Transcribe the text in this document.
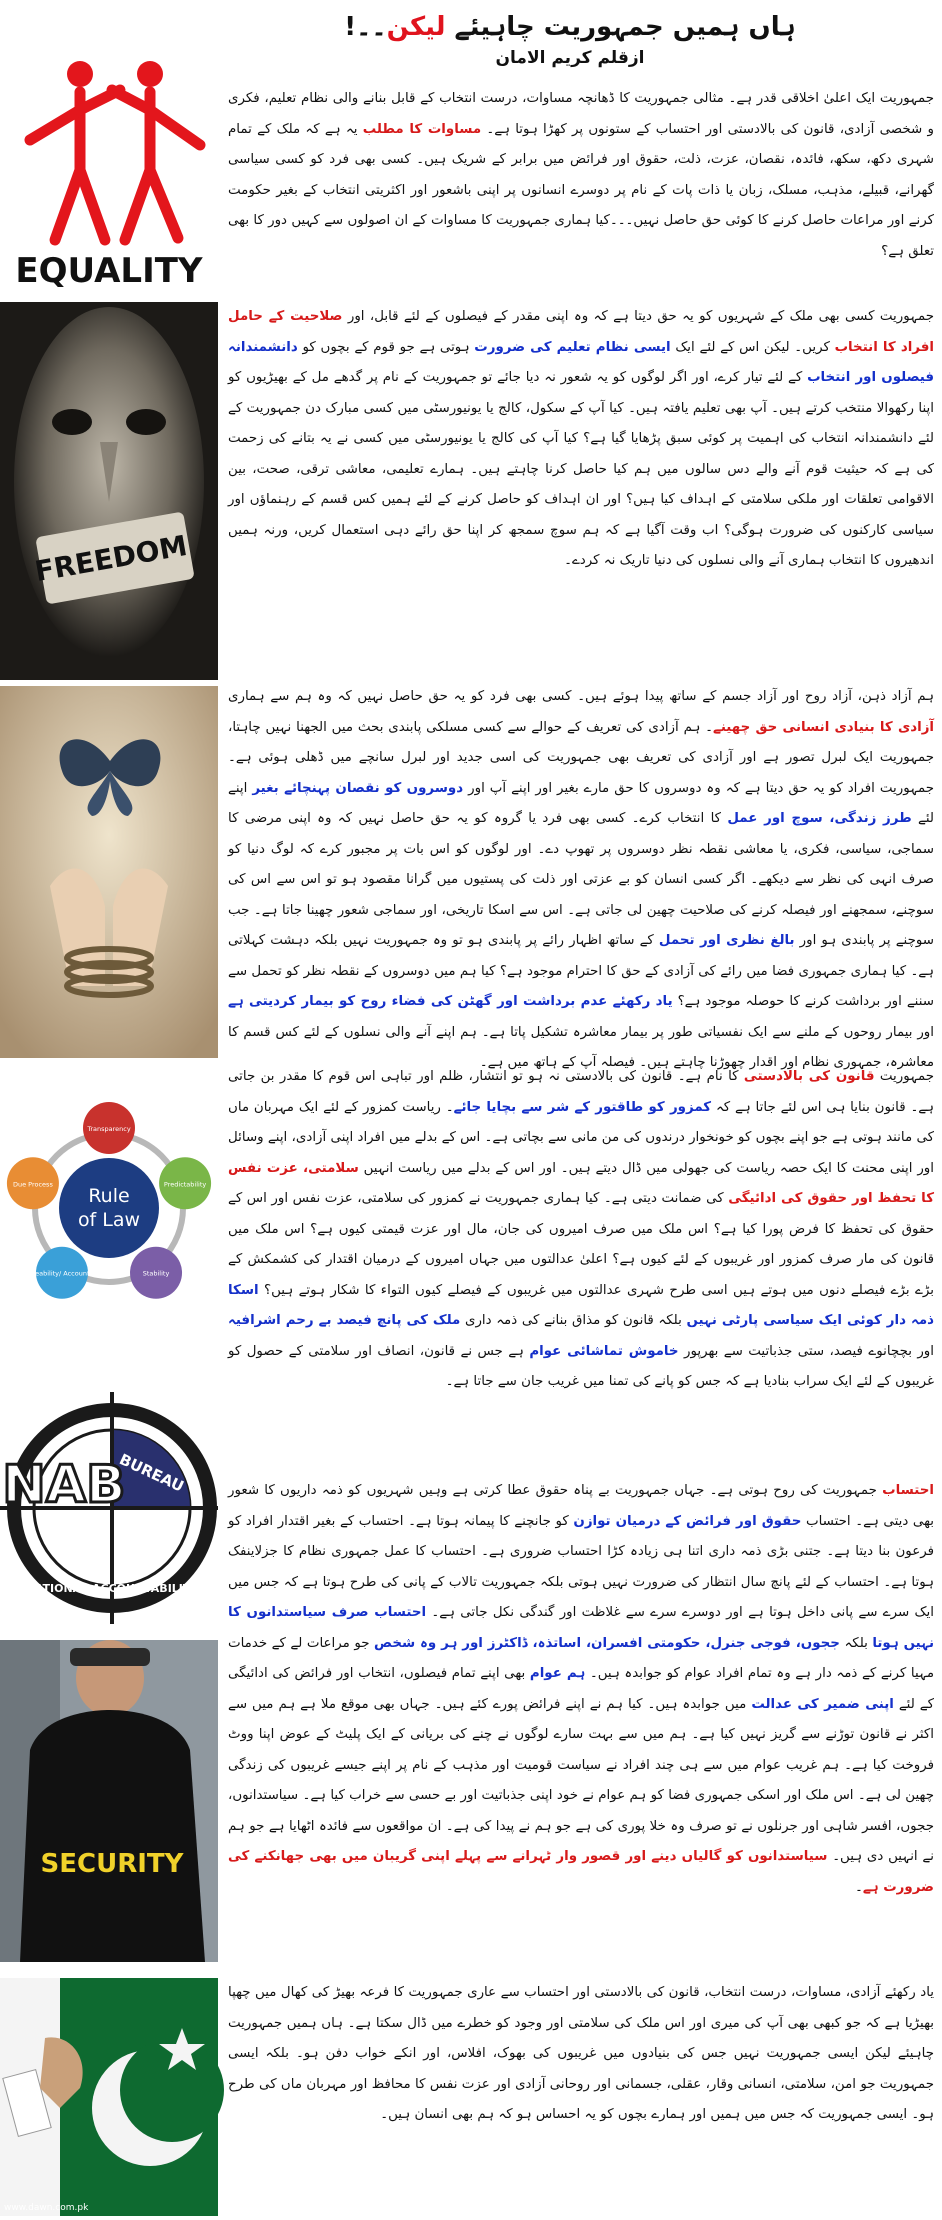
ہاں ہمیں جمہوریت چاہیئے لیکن۔۔!
ازقلم کریم الامان
EQUALITY
FREEDOM
Rule
of Law
Transparency
Predictability
Stability
Enforceability/ Accountability
Due Process
NAB
BUREAU
NATIONAL ACCOUNTABILITY
SECURITY
www.dawn.com.pk

جمہوریت ایک اعلیٰ اخلاقی قدر ہے۔ مثالی جمہوریت کا ڈھانچہ مساوات، درست انتخاب کے قابل بنانے والی نظام تعلیم، فکری و شخصی آزادی، قانون کی بالادستی اور احتساب کے ستونوں پر کھڑا ہوتا ہے۔ مساوات کا مطلب یہ ہے کہ ملک کے تمام شہری دکھ، سکھ، فائدہ، نقصان، عزت، ذلت، حقوق اور فرائض میں برابر کے شریک ہیں۔ کسی بھی فرد کو کسی سیاسی گھرانے، قبیلے، مذہب، مسلک، زبان یا ذات پات کے نام پر دوسرے انسانوں پر اپنی باشعور اور اکثریتی انتخاب کے بغیر حکومت کرنے اور مراعات حاصل کرنے کا کوئی حق حاصل نہیں۔۔۔کیا ہماری جمہوریت کا مساوات کے ان اصولوں سے کہیں دور کا بھی تعلق ہے؟

جمہوریت کسی بھی ملک کے شہریوں کو یہ حق دیتا ہے کہ وہ اپنی مقدر کے فیصلوں کے لئے قابل، اور صلاحیت کے حامل افراد کا انتخاب کریں۔ لیکن اس کے لئے ایک ایسی نظام تعلیم کی ضرورت ہوتی ہے جو قوم کے بچوں کو دانشمندانہ فیصلوں اور انتخاب کے لئے تیار کرے، اور اگر لوگوں کو یہ شعور نہ دیا جائے تو جمہوریت کے نام پر گدھے مل کے بھیڑیوں کو اپنا رکھوالا منتخب کرتے ہیں۔ آپ بھی تعلیم یافتہ ہیں۔ کیا آپ کے سکول، کالج یا یونیورسٹی میں کسی مبارک دن جمہوریت کے لئے دانشمندانہ انتخاب کی اہمیت پر کوئی سبق پڑھایا گیا ہے؟ کیا آپ کی کالج یا یونیورسٹی میں کسی نے یہ بتانے کی زحمت کی ہے کہ حیثیت قوم آنے والے دس سالوں میں ہم کیا حاصل کرنا چاہتے ہیں۔ ہمارے تعلیمی، معاشی ترقی، صحت، بین الاقوامی تعلقات اور ملکی سلامتی کے اہداف کیا ہیں؟ اور ان اہداف کو حاصل کرنے کے لئے ہمیں کس قسم کے رہنماؤں اور سیاسی کارکنوں کی ضرورت ہوگی؟ اب وقت آگیا ہے کہ ہم سوچ سمجھ کر اپنا حق رائے دہی استعمال کریں، ورنہ ہمیں اندھیروں کا انتخاب ہماری آنے والی نسلوں کی دنیا تاریک نہ کردے۔

ہم آزاد ذہن، آزاد روح اور آزاد جسم کے ساتھ پیدا ہوئے ہیں۔ کسی بھی فرد کو یہ حق حاصل نہیں کہ وہ ہم سے ہماری آزادی کا بنیادی انسانی حق چھینے۔ ہم آزادی کی تعریف کے حوالے سے کسی مسلکی پابندی بحث میں الجھنا نہیں چاہتا، جمہوریت ایک لبرل تصور ہے اور آزادی کی تعریف بھی جمہوریت کی اسی جدید اور لبرل سانچے میں ڈھلی ہوئی ہے۔ جمہوریت افراد کو یہ حق دیتا ہے کہ وہ دوسروں کا حق مارے بغیر اور اپنے آپ اور دوسروں کو نقصان پہنچائے بغیر اپنے لئے طرز زندگی، سوچ اور عمل کا انتخاب کرے۔ کسی بھی فرد یا گروہ کو یہ حق حاصل نہیں کہ وہ اپنی مرضی کا سماجی، سیاسی، فکری، یا معاشی نقطہ نظر دوسروں پر تھوپ دے۔ اور لوگوں کو اس بات پر مجبور کرے کہ لوگ دنیا کو صرف انہی کی نظر سے دیکھے۔ اگر کسی انسان کو بے عزتی اور ذلت کی پستیوں میں گرانا مقصود ہو تو اس سے اس کی سوچنے، سمجھنے اور فیصلہ کرنے کی صلاحیت چھین لی جاتی ہے۔ اس سے اسکا تاریخی، اور سماجی شعور چھینا جاتا ہے۔ جب سوچنے پر پابندی ہو اور بالغ نظری اور تحمل کے ساتھ اظہار رائے پر پابندی ہو تو وہ جمہوریت نہیں بلکہ دہشت کہلاتی ہے۔ کیا ہماری جمہوری فضا میں رائے کی آزادی کے حق کا احترام موجود ہے؟ کیا ہم میں دوسروں کے نقطہ نظر کو تحمل سے سننے اور برداشت کرنے کا حوصلہ موجود ہے؟ یاد رکھئے عدم برداشت اور گھٹن کی فضاء روح کو بیمار کردیتی ہے اور بیمار روحوں کے ملنے سے ایک نفسیاتی طور پر بیمار معاشرہ تشکیل پاتا ہے۔ ہم اپنے آنے والی نسلوں کے لئے کس قسم کا معاشرہ، جمہوری نظام اور اقدار چھوڑنا چاہتے ہیں۔ فیصلہ آپ کے ہاتھ میں ہے۔

جمہوریت قانون کی بالادستی کا نام ہے۔ قانون کی بالادستی نہ ہو تو انتشار، ظلم اور تباہی اس قوم کا مقدر بن جاتی ہے۔ قانون بنایا ہی اس لئے جاتا ہے کہ کمزور کو طاقتور کے شر سے بچایا جائے۔ ریاست کمزور کے لئے ایک مہربان ماں کی مانند ہوتی ہے جو اپنے بچوں کو خونخوار درندوں کی من مانی سے بچاتی ہے۔ اس کے بدلے میں افراد اپنی آزادی، اپنے وسائل اور اپنی محنت کا ایک حصہ ریاست کی جھولی میں ڈال دیتے ہیں۔ اور اس کے بدلے میں ریاست انہیں سلامتی، عزت نفس کا تحفظ اور حقوق کی ادائیگی کی ضمانت دیتی ہے۔ کیا ہماری جمہوریت نے کمزور کی سلامتی، عزت نفس اور اس کے حقوق کی تحفظ کا فرض پورا کیا ہے؟ اس ملک میں صرف امیروں کی جان، مال اور عزت قیمتی کیوں ہے؟ اس ملک میں قانون کی مار صرف کمزور اور غریبوں کے لئے کیوں ہے؟ اعلیٰ عدالتوں میں جہاں امیروں کے درمیان اقتدار کی کشمکش کے بڑے بڑے فیصلے دنوں میں ہوتے ہیں اسی طرح شہری عدالتوں میں غریبوں کے فیصلے کیوں التواء کا شکار ہوتے ہیں؟ اسکا ذمہ دار کوئی ایک سیاسی پارٹی نہیں بلکہ قانون کو مذاق بنانے کی ذمہ داری ملک کی پانچ فیصد بے رحم اشرافیہ اور بچچانوے فیصد، ستی جذباتیت سے بھرپور خاموش تماشائی عوام ہے جس نے قانون، انصاف اور سلامتی کے حصول کو غریبوں کے لئے ایک سراب بنادیا ہے کہ جس کو پانے کی تمنا میں غریب جان سے جاتا ہے۔

احتساب جمہوریت کی روح ہوتی ہے۔ جہاں جمہوریت بے پناہ حقوق عطا کرتی ہے وہیں شہریوں کو ذمہ داریوں کا شعور بھی دیتی ہے۔ احتساب حقوق اور فرائض کے درمیان توازن کو جانچنے کا پیمانہ ہوتا ہے۔ احتساب کے بغیر اقتدار افراد کو فرعون بنا دیتا ہے۔ جتنی بڑی ذمہ داری اتنا ہی زیادہ کڑا احتساب ضروری ہے۔ احتساب کا عمل جمہوری نظام کا جزلاینفک ہوتا ہے۔ احتساب کے لئے پانچ سال انتظار کی ضرورت نہیں ہوتی بلکہ جمہوریت تالاب کے پانی کی طرح ہوتا ہے کہ جس میں ایک سرے سے پانی داخل ہوتا ہے اور دوسرے سرے سے غلاظت اور گندگی نکل جاتی ہے۔ احتساب صرف سیاستدانوں کا نہیں ہوتا بلکہ ججوں، فوجی جنرل، حکومتی افسران، اساتذہ، ڈاکٹرز اور ہر وہ شخص جو مراعات لے کے خدمات مہیا کرنے کے ذمہ دار ہے وہ تمام افراد عوام کو جوابدہ ہیں۔ ہم عوام بھی اپنے تمام فیصلوں، انتخاب اور فرائض کی ادائیگی کے لئے اپنی ضمیر کی عدالت میں جوابدہ ہیں۔ کیا ہم نے اپنے فرائض پورے کئے ہیں۔ جہاں بھی موقع ملا ہے ہم میں سے اکثر نے قانون توڑنے سے گریز نہیں کیا ہے۔ ہم میں سے بہت سارے لوگوں نے چنے کی بریانی کے ایک پلیٹ کے عوض اپنا ووٹ فروخت کیا ہے۔ ہم غریب عوام میں سے ہی چند افراد نے سیاست قومیت اور مذہب کے نام پر اپنے جیسے غریبوں کی زندگی چھین لی ہے۔ اس ملک اور اسکی جمہوری فضا کو ہم عوام نے خود اپنی جذباتیت اور بے حسی سے خراب کیا ہے۔ سیاستدانوں، ججوں، افسر شاہی اور جرنلوں نے تو صرف وہ خلا پوری کی ہے جو ہم نے پیدا کی ہے۔ ان مواقعوں سے فائدہ اٹھایا ہے جو ہم نے انہیں دی ہیں۔ سیاستدانوں کو گالیاں دینے اور قصور وار ٹہرانے سے پہلے اپنی گریبان میں بھی جھانکنے کی ضرورت ہے۔

یاد رکھئے آزادی، مساوات، درست انتخاب، قانون کی بالادستی اور احتساب سے عاری جمہوریت کا فرعہ بھیڑ کی کھال میں چھپا بھیڑیا ہے کہ جو کبھی بھی آپ کی میری اور اس ملک کی سلامتی اور وجود کو خطرے میں ڈال سکتا ہے۔ ہاں ہمیں جمہوریت چاہیئے لیکن ایسی جمہوریت نہیں جس کی بنیادوں میں غریبوں کی بھوک، افلاس، اور انکے خواب دفن ہو۔ بلکہ ایسی جمہوریت جو امن، سلامتی، انسانی وقار، عقلی، جسمانی اور روحانی آزادی اور عزت نفس کا محافظ اور مہربان ماں کی طرح ہو۔ ایسی جمہوریت کہ جس میں ہمیں اور ہمارے بچوں کو یہ احساس ہو کہ ہم بھی انسان ہیں۔
